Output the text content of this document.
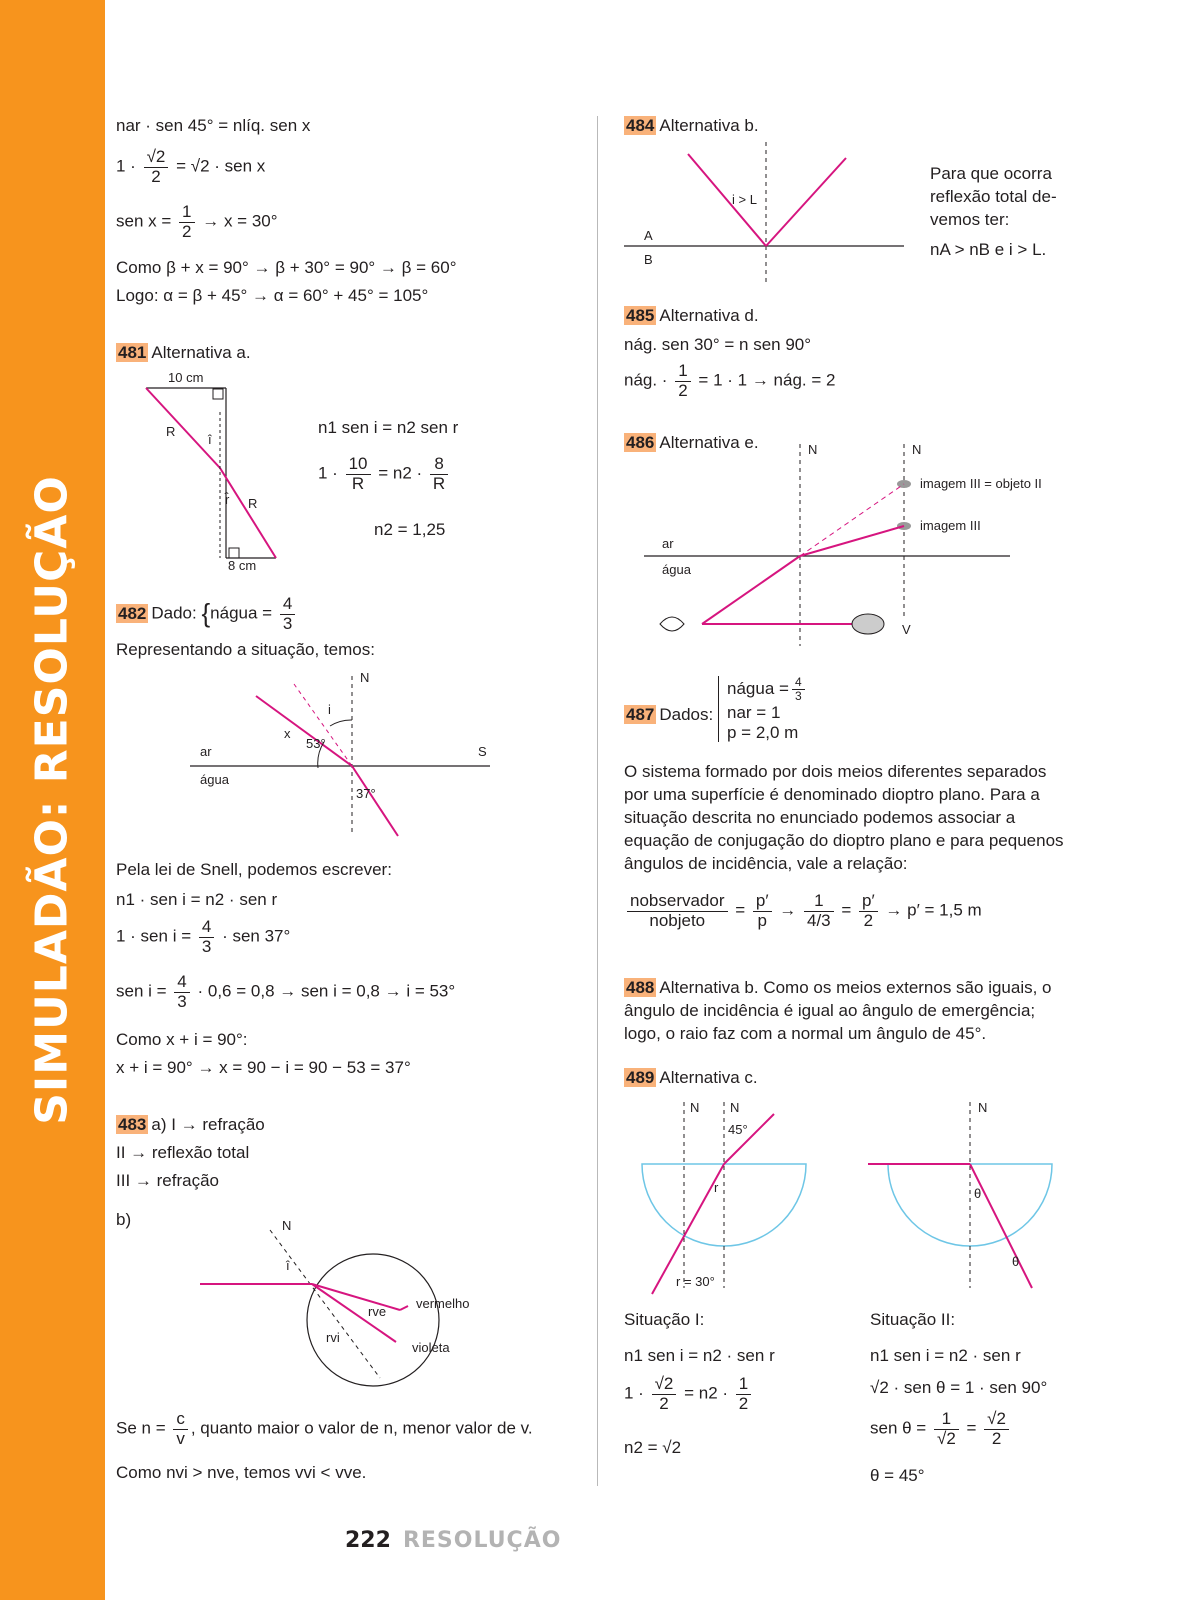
SIMULADÃO: RESOLUÇÃO
nar · sen 45° = nlíq. sen x
$1 \cdot \frac{√2}{2} = √2$ · sen x
sen $x = \frac{1}{2} \to x = 30^\circ$
Como β + x = 90° → β + 30° = 90° → β = 60°
Logo: α = β + 45° → α = 60° + 45° = 105°
481 Alternativa a.
10 cm
8 cm
R
R
î
r̂
n1 sen i = n2 sen r
$1 \cdot \frac{10}{R} = n2 \cdot \frac{8}{R}$
n2 = 1,25
482 Dado: {nágua = $\frac{4}{3}$
Representando a situação, temos:
N
i
x
53°
ar
água
S
37°
Pela lei de Snell, podemos escrever:
n1 · sen i = n2 · sen r
1 · sen $i = \frac{4}{3}$ · sen 37°
sen $i = \frac{4}{3} \cdot 0,6 = 0,8$ → sen i = 0,8 → i = 53°
Como x + i = 90°:
x + i = 90° → x = 90 − i = 90 − 53 = 37°
483 a) I → refração
II → reflexão total
III → refração
b)	N
î
rve
rvi
vermelho
violeta
Se $n = \frac{c}{v}$ , quanto maior o valor de n, menor valor de v.
Como nvi > nve, temos vvi < vve.
484 Alternativa b.
i > L
A
B
Para que ocorra
reflexão total de-
vemos ter:
nA > nB e i > L.
485 Alternativa d.
nág. sen 30° = n sen 90°
nág. · $\frac{1}{2} = 1 \cdot 1$ → nág. = 2
486 Alternativa e.	N	N
imagem III = objeto II
imagem III
ar
água
V
487 Dados:
nágua = $\frac{4}{3}$
nar = 1
p = 2,0 m
O sistema formado por dois meios diferentes separados por uma superfície é denominado dioptro plano. Para a situação descrita no enunciado podemos associar a equação de conjugação do dioptro plano e para pequenos ângulos de incidência, vale a relação:
$\frac{\text{nobservador}}{\text{nobjeto}} = \frac{p'}{p} \to \frac{1}{4/3} = \frac{p'}{2} \to p' = 1,5$ m
488 Alternativa b. Como os meios externos são iguais, o ângulo de incidência é igual ao ângulo de emergência; logo, o raio faz com a normal um ângulo de 45°.
489 Alternativa c.
N N
45°
r
r = 30°
N
θ
θ
Situação I:
n1 sen i = n2 · sen r
$1 \cdot \frac{√2}{2} = n2 \cdot \frac{1}{2}$
n2 = √2
Situação II:
n1 sen i = n2 · sen r
√2 · sen θ = 1 · sen 90°
sen $\theta = \frac{1}{√2} = \frac{√2}{2}$
θ = 45°
222 RESOLUÇÃO
